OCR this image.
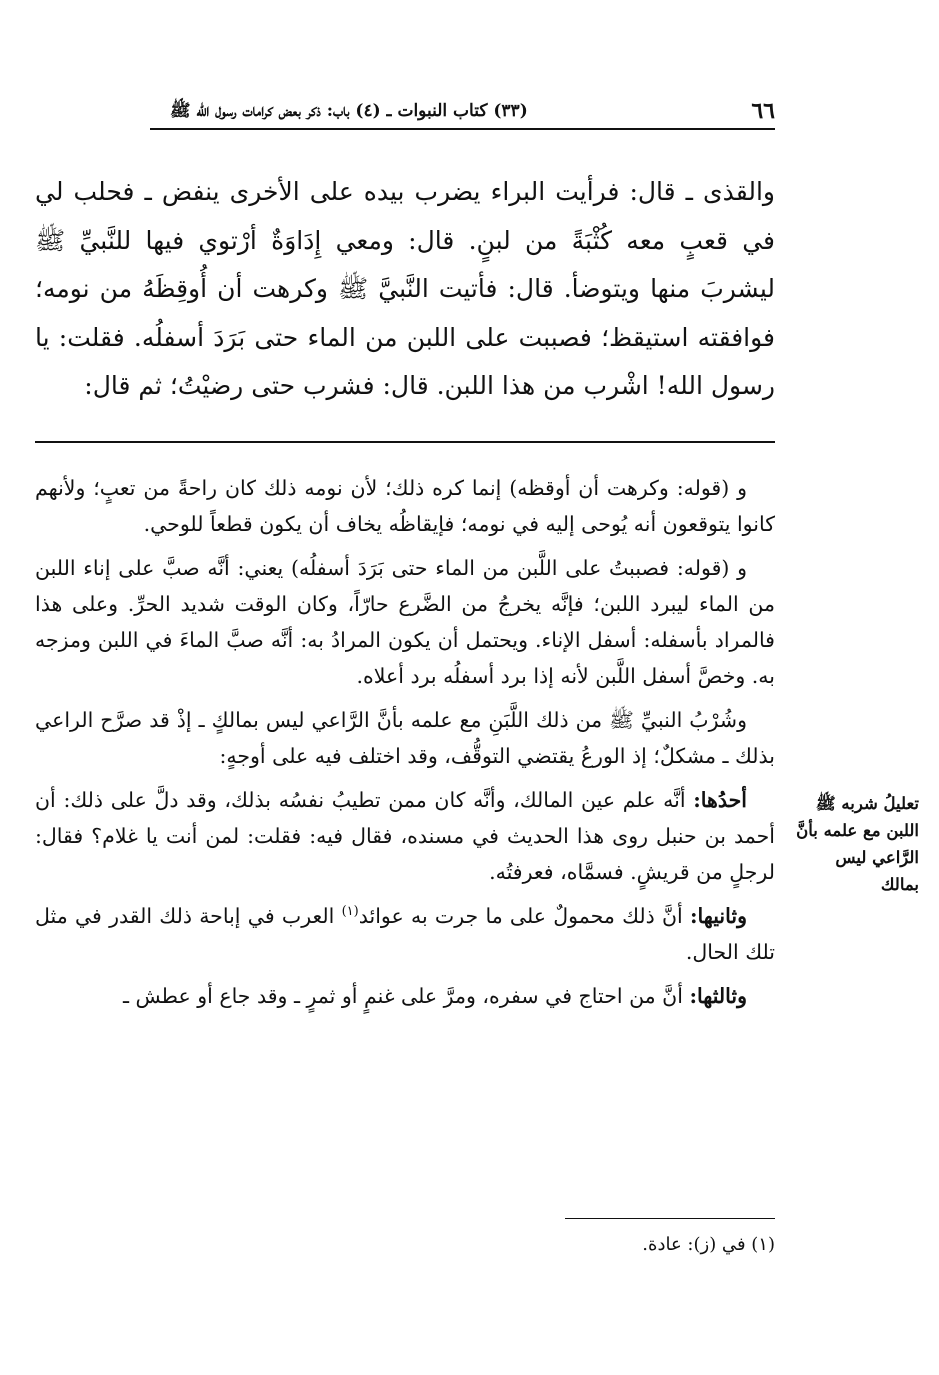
٦٦
(٣٣) كتاب النبوات ـ (٤) باب: ذكر بعض كرامات رسول الله ﷺ

والقذى ـ قال: فرأيت البراء يضرب بيده على الأخرى ينفض ـ فحلب لي في قعبٍ معه كُثْبَةً من لبنٍ. قال: ومعي إِدَاوَةٌ أرْتوي فيها للنَّبيِّ ﷺ ليشربَ منها ويتوضأ. قال: فأتيت النَّبيَّ ﷺ وكرهت أن أُوقِظَهُ من نومه؛ فوافقته استيقظ؛ فصببت على اللبن من الماء حتى بَرَدَ أسفلُه. فقلت: يا رسول الله! اشْرب من هذا اللبن. قال: فشرب حتى رضيْتُ؛ ثم قال:

و (قوله: وكرهت أن أوقظه) إنما كره ذلك؛ لأن نومه ذلك كان راحةً من تعبٍ؛ ولأنهم كانوا يتوقعون أنه يُوحى إليه في نومه؛ فإيقاظُه يخاف أن يكون قطعاً للوحي.

و (قوله: فصببتُ على اللَّبن من الماء حتى بَرَدَ أسفلُه) يعني: أنَّه صبَّ على إناء اللبن من الماء ليبرد اللبن؛ فإنَّه يخرجُ من الضَّرع حارّاً، وكان الوقت شديد الحرِّ. وعلى هذا فالمراد بأسفله: أسفل الإناء. ويحتمل أن يكون المرادُ به: أنَّه صبَّ الماءَ في اللبن ومزجه به. وخصَّ أسفل اللَّبن لأنه إذا برد أسفلُه برد أعلاه.

وشُرْبُ النبيِّ ﷺ من ذلك اللَّبَنِ مع علمه بأنَّ الرَّاعي ليس بمالكٍ ـ إذْ قد صرَّح الراعي بذلك ـ مشكلٌ؛ إذ الورعُ يقتضي التوقُّف، وقد اختلف فيه على أوجهٍ:

أحدُها: أنَّه علم عين المالك، وأنَّه كان ممن تطيبُ نفسُه بذلك، وقد دلَّ على ذلك: أن أحمد بن حنبل روى هذا الحديث في مسنده، فقال فيه: فقلت: لمن أنت يا غلام؟ فقال: لرجلٍ من قريشٍ. فسمَّاه، فعرفتُه.

وثانيها: أنَّ ذلك محمولٌ على ما جرت به عوائد$^{(١)}$ العرب في إباحة ذلك القدر في مثل تلك الحال.

وثالثها: أنَّ من احتاج في سفره، ومرَّ على غنمٍ أو ثمرٍ ـ وقد جاع أو عطش ـ

تعليلُ شربه ﷺ اللبن مع علمه بأنَّ الرَّاعي ليس بمالك
(١) في (ز): عادة.
